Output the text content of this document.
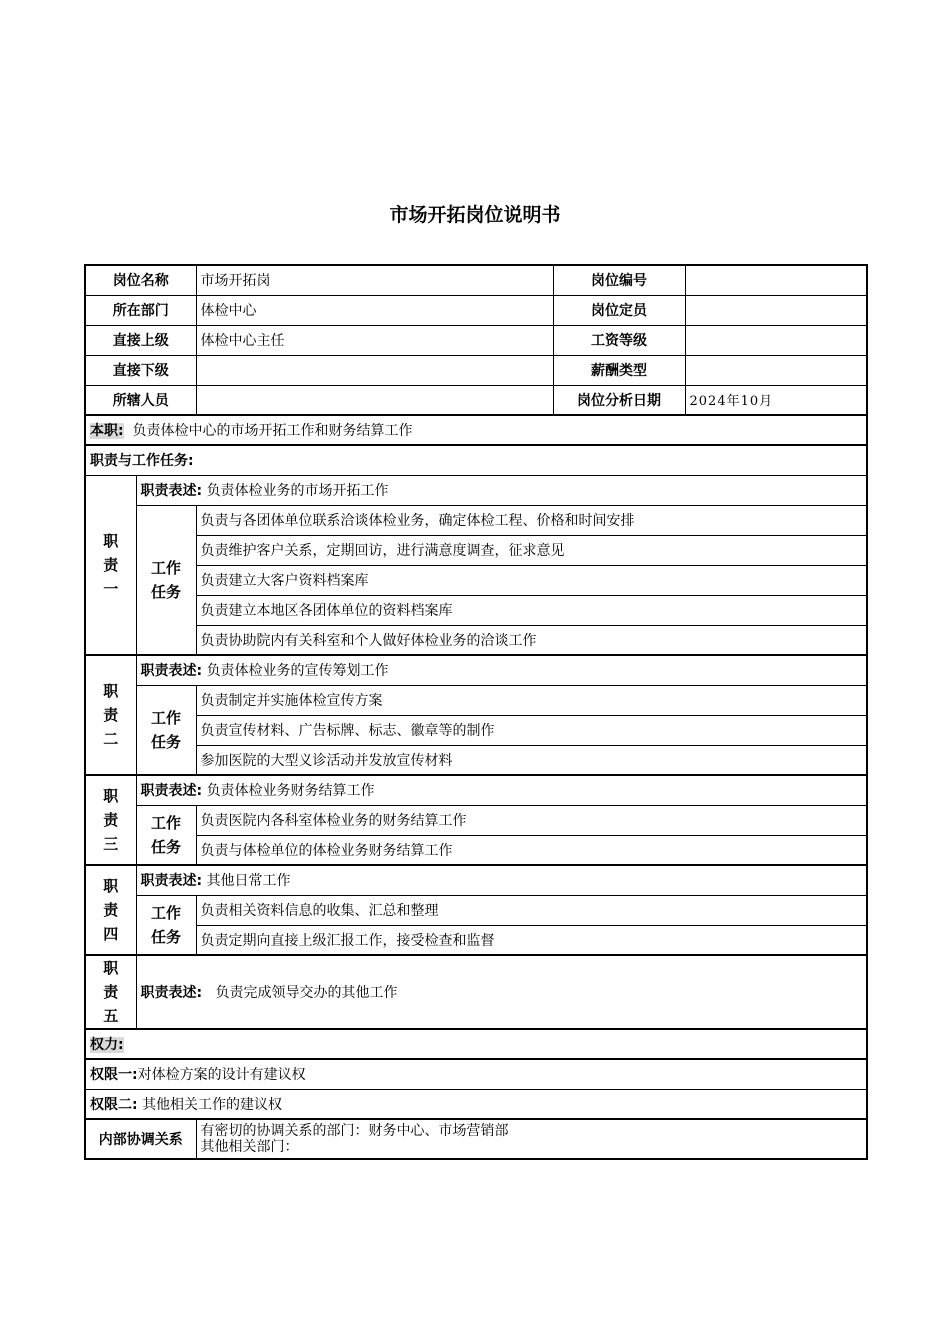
市场开拓岗位说明书
岗位名称		市场开拓岗	岗位编号	
所在部门		体检中心	岗位定员	
直接上级		体检中心主任	工资等级	
直接下级			薪酬类型	
所辖人员			岗位分析日期	2024年10月
本职: 负责体检中心的市场开拓工作和财务结算工作				
职责与工作任务:				
职
责
一	职责表述: 负责体检业务的市场开拓工作			
	工作
任务	负责与各团体单位联系洽谈体检业务，确定体检工程、价格和时间安排		
		负责维护客户关系，定期回访，进行满意度调查，征求意见		
		负责建立大客户资料档案库		
		负责建立本地区各团体单位的资料档案库		
		负责协助院内有关科室和个人做好体检业务的洽谈工作		
职
责
二	职责表述: 负责体检业务的宣传筹划工作			
	工作
任务	负责制定并实施体检宣传方案		
		负责宣传材料、广告标牌、标志、徽章等的制作		
		参加医院的大型义诊活动并发放宣传材料		
职
责
三	职责表述: 负责体检业务财务结算工作			
	工作
任务	负责医院内各科室体检业务的财务结算工作		
		负责与体检单位的体检业务财务结算工作		
职
责
四	职责表述: 其他日常工作			
	工作
任务	负责相关资料信息的收集、汇总和整理		
		负责定期向直接上级汇报工作，接受检查和监督		
职
责
五	职责表述: 负责完成领导交办的其他工作			
权力:				
权限一:对体检方案的设计有建议权				
权限二: 其他相关工作的建议权				
内部协调关系		有密切的协调关系的部门：财务中心、市场营销部
其他相关部门：		
